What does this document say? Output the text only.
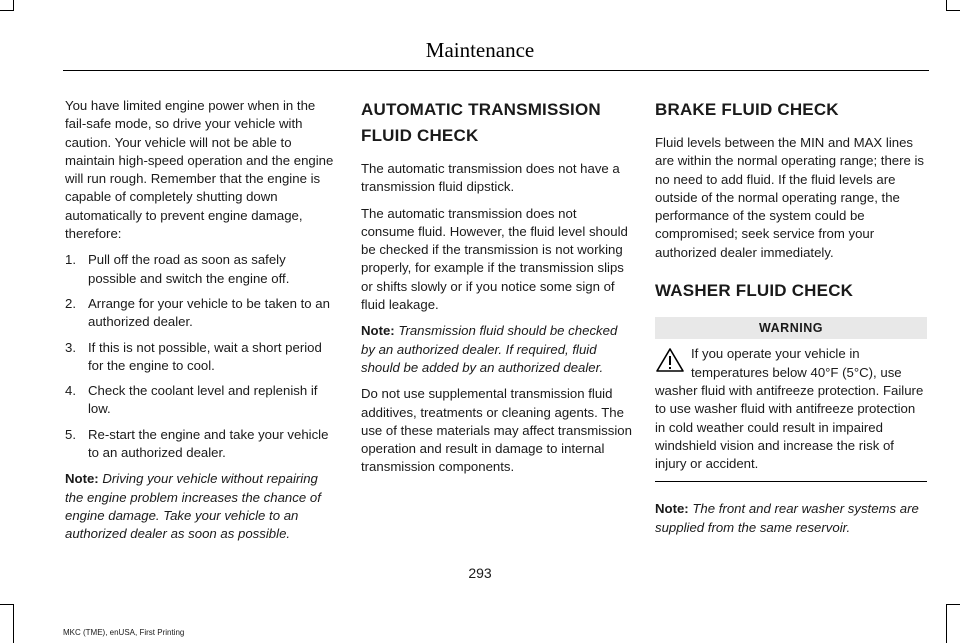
Maintenance

You have limited engine power when in the fail-safe mode, so drive your vehicle with caution. Your vehicle will not be able to maintain high-speed operation and the engine will run rough. Remember that the engine is capable of completely shutting down automatically to prevent engine damage, therefore:

1. Pull off the road as soon as safely possible and switch the engine off.
2. Arrange for your vehicle to be taken to an authorized dealer.
3. If this is not possible, wait a short period for the engine to cool.
4. Check the coolant level and replenish if low.
5. Re-start the engine and take your vehicle to an authorized dealer.

Note: Driving your vehicle without repairing the engine problem increases the chance of engine damage. Take your vehicle to an authorized dealer as soon as possible.

AUTOMATIC TRANSMISSION
FLUID CHECK

The automatic transmission does not have a transmission fluid dipstick.

The automatic transmission does not consume fluid. However, the fluid level should be checked if the transmission is not working properly, for example if the transmission slips or shifts slowly or if you notice some sign of fluid leakage.

Note: Transmission fluid should be checked by an authorized dealer. If required, fluid should be added by an authorized dealer.

Do not use supplemental transmission fluid additives, treatments or cleaning agents. The use of these materials may affect transmission operation and result in damage to internal transmission components.

BRAKE FLUID CHECK

Fluid levels between the MIN and MAX lines are within the normal operating range; there is no need to add fluid. If the fluid levels are outside of the normal operating range, the performance of the system could be compromised; seek service from your authorized dealer immediately.

WASHER FLUID CHECK
WARNING
If you operate your vehicle in temperatures below 40°F (5°C), use washer fluid with antifreeze protection. Failure to use washer fluid with antifreeze protection in cold weather could result in impaired windshield vision and increase the risk of injury or accident.

Note: The front and rear washer systems are supplied from the same reservoir.

293
MKC (TME), enUSA, First Printing
